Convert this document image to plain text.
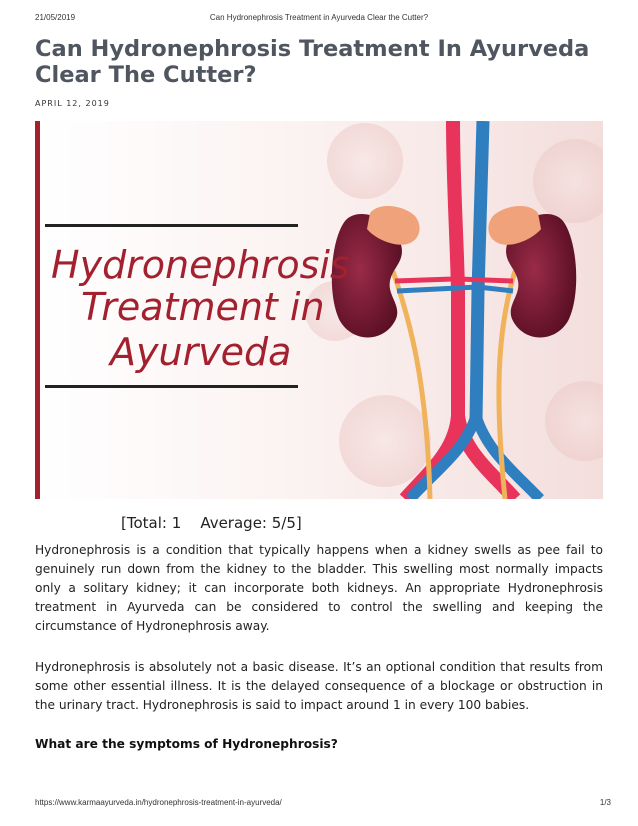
21/05/2019	Can Hydronephrosis Treatment in Ayurveda Clear the Cutter?
Can Hydronephrosis Treatment In Ayurveda Clear The Cutter?
APRIL 12, 2019
Hydronephrosis
Treatment in
Ayurveda
[Total: 1    Average: 5/5]

Hydronephrosis is a condition that typically happens when a kidney swells as pee fail to genuinely run down from the kidney to the bladder. This swelling most normally impacts only a solitary kidney; it can incorporate both kidneys. An appropriate Hydronephrosis treatment in Ayurveda can be considered to control the swelling and keeping the circumstance of Hydronephrosis away.

Hydronephrosis is absolutely not a basic disease. It’s an optional condition that results from some other essential illness. It is the delayed consequence of a blockage or obstruction in the urinary tract. Hydronephrosis is said to impact around 1 in every 100 babies.

What are the symptoms of Hydronephrosis?
https://www.karmaayurveda.in/hydronephrosis-treatment-in-ayurveda/	1/3
